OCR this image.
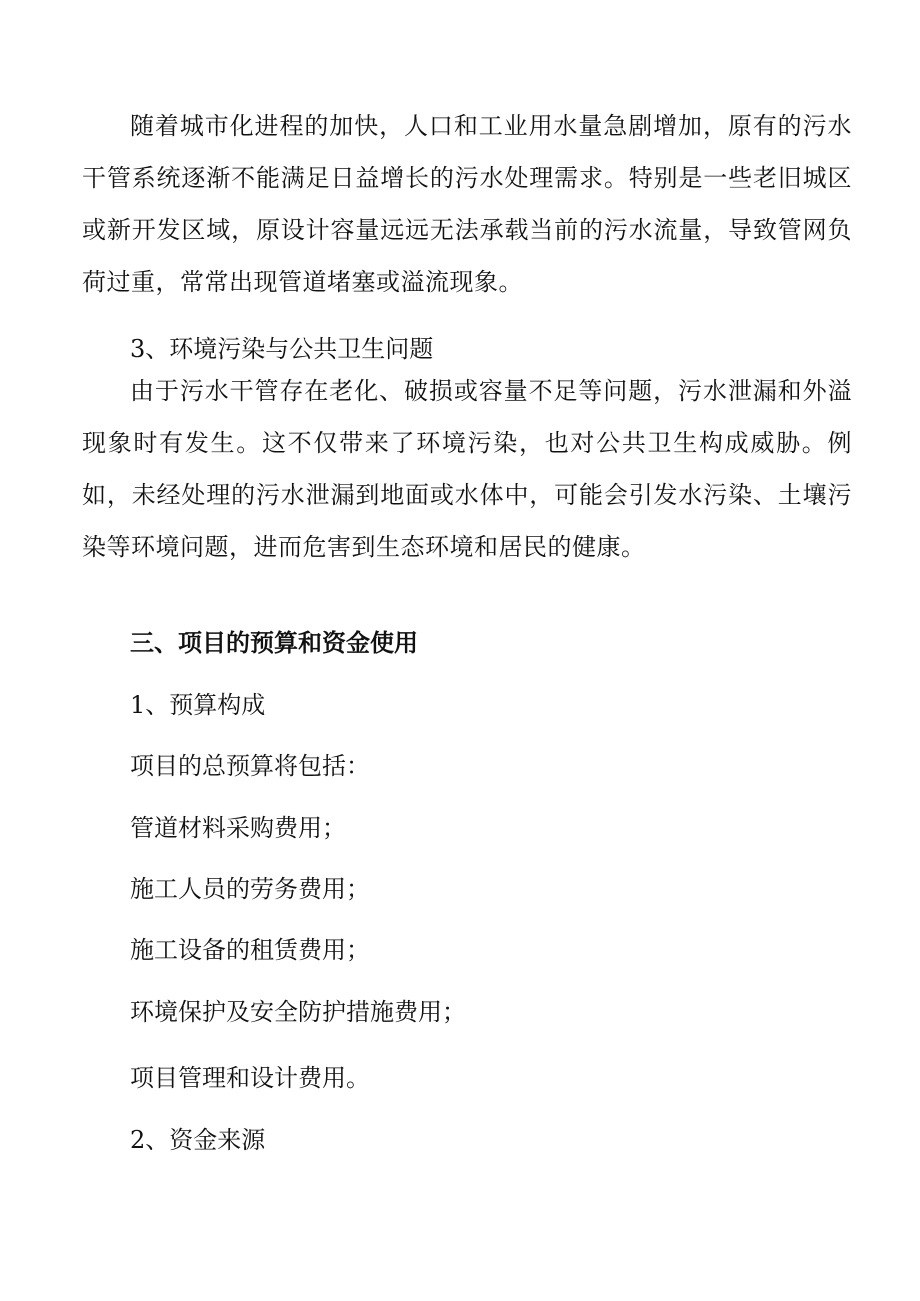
随着城市化进程的加快，人口和工业用水量急剧增加，原有的污水干管系统逐渐不能满足日益增长的污水处理需求。特别是一些老旧城区或新开发区域，原设计容量远远无法承载当前的污水流量，导致管网负荷过重，常常出现管道堵塞或溢流现象。

3、环境污染与公共卫生问题

由于污水干管存在老化、破损或容量不足等问题，污水泄漏和外溢现象时有发生。这不仅带来了环境污染，也对公共卫生构成威胁。例如，未经处理的污水泄漏到地面或水体中，可能会引发水污染、土壤污染等环境问题，进而危害到生态环境和居民的健康。

三、项目的预算和资金使用

1、预算构成

项目的总预算将包括：

管道材料采购费用；

施工人员的劳务费用；

施工设备的租赁费用；

环境保护及安全防护措施费用；

项目管理和设计费用。

2、资金来源
